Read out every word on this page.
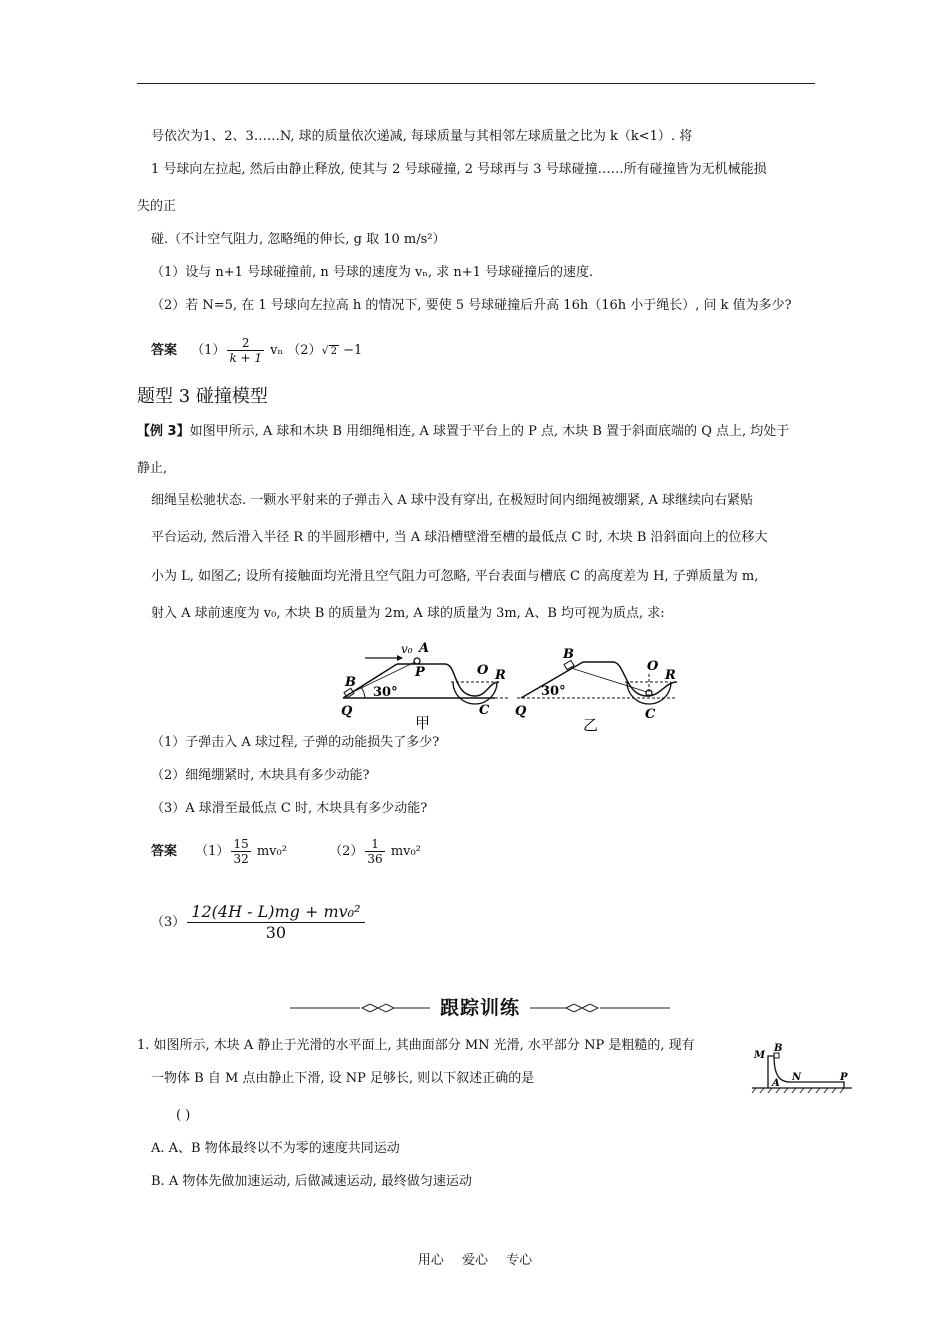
号依次为1、2、3……N, 球的质量依次递减, 每球质量与其相邻左球质量之比为 k（k<1）. 将
1 号球向左拉起, 然后由静止释放, 使其与 2 号球碰撞, 2 号球再与 3 号球碰撞……所有碰撞皆为无机械能损
失的正
碰.（不计空气阻力, 忽略绳的伸长, g 取 10 m/s²）
（1）设与 n+1 号球碰撞前, n 号球的速度为 vₙ, 求 n+1 号球碰撞后的速度.
（2）若 N=5, 在 1 号球向左拉高 h 的情况下, 要使 5 号球碰撞后升高 16h（16h 小于绳长）, 问 k 值为多少?
答案 $(1) \frac{2}{k + 1}$ vₙ （2）√ 2 −1
题型 3 碰撞模型
【例 3】如图甲所示, A 球和木块 B 用细绳相连, A 球置于平台上的 P 点, 木块 B 置于斜面底端的 Q 点上, 均处于
静止,
细绳呈松驰状态. 一颗水平射来的子弹击入 A 球中没有穿出, 在极短时间内细绳被绷紧, A 球继续向右紧贴
平台运动, 然后滑入半径 R 的半圆形槽中, 当 A 球沿槽壁滑至槽的最低点 C 时, 木块 B 沿斜面向上的位移大
小为 L, 如图乙; 设所有接触面均光滑且空气阻力可忽略, 平台表面与槽底 C 的高度差为 H, 子弹质量为 m,
射入 A 球前速度为 v₀, 木块 B 的质量为 2m, A 球的质量为 3m, A、B 均可视为质点, 求:
v₀ A
P
B
30°
Q
O R
C
甲
B
30°
Q
O
R
C
乙
（1）子弹击入 A 球过程, 子弹的动能损失了多少?
（2）细绳绷紧时, 木块具有多少动能?
（3）A 球滑至最低点 C 时, 木块具有多少动能?
答案 $(1) \frac{15}{32} mv_0^2$	$(2) \frac{1}{36} mv_0^2$
$(3) \frac{\text{12(4H - L)mg + mv₀²}}{30}$
跟踪训练
1. 如图所示, 木块 A 静止于光滑的水平面上, 其曲面部分 MN 光滑, 水平部分 NP 是粗糙的, 现有
一物体 B 自 M 点由静止下滑, 设 NP 足够长, 则以下叙述正确的是
( )
A. A、B 物体最终以不为零的速度共同运动
B. A 物体先做加速运动, 后做减速运动, 最终做匀速运动
M
B
A
N	P
用心 爱心 专心
